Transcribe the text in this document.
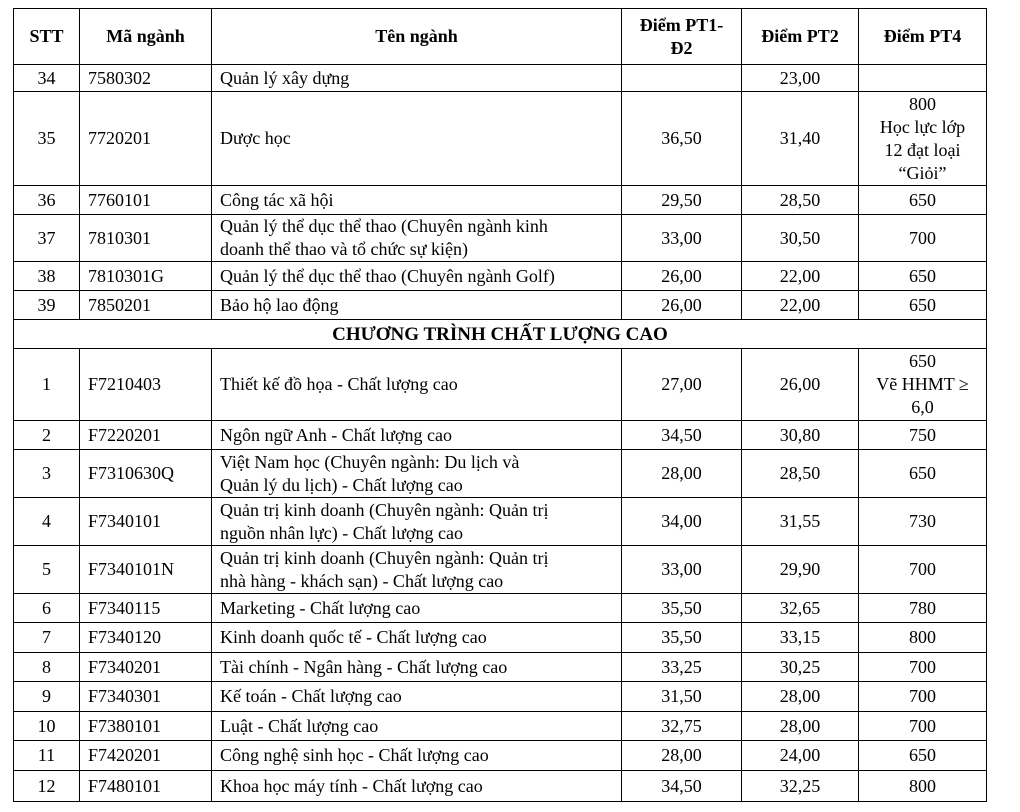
STT	Mã ngành	Tên ngành	Điểm PT1-
Đ2	Điểm PT2	Điểm PT4
34	7580302	Quản lý xây dựng		23,00	
35	7720201	Dược học	36,50	31,40	800
Học lực lớp
12 đạt loại
“Giỏi”
36	7760101	Công tác xã hội	29,50	28,50	650
37	7810301	Quản lý thể dục thể thao (Chuyên ngành kinh
doanh thể thao và tổ chức sự kiện)	33,00	30,50	700
38	7810301G	Quản lý thể dục thể thao (Chuyên ngành Golf)	26,00	22,00	650
39	7850201	Bảo hộ lao động	26,00	22,00	650
CHƯƠNG TRÌNH CHẤT LƯỢNG CAO					
1	F7210403	Thiết kế đồ họa - Chất lượng cao	27,00	26,00	650
Vẽ HHMT ≥
6,0
2	F7220201	Ngôn ngữ Anh - Chất lượng cao	34,50	30,80	750
3	F7310630Q	Việt Nam học (Chuyên ngành: Du lịch và
Quản lý du lịch) - Chất lượng cao	28,00	28,50	650
4	F7340101	Quản trị kinh doanh (Chuyên ngành: Quản trị
nguồn nhân lực) - Chất lượng cao	34,00	31,55	730
5	F7340101N	Quản trị kinh doanh (Chuyên ngành: Quản trị
nhà hàng - khách sạn) - Chất lượng cao	33,00	29,90	700
6	F7340115	Marketing - Chất lượng cao	35,50	32,65	780
7	F7340120	Kinh doanh quốc tế - Chất lượng cao	35,50	33,15	800
8	F7340201	Tài chính - Ngân hàng - Chất lượng cao	33,25	30,25	700
9	F7340301	Kế toán - Chất lượng cao	31,50	28,00	700
10	F7380101	Luật - Chất lượng cao	32,75	28,00	700
11	F7420201	Công nghệ sinh học - Chất lượng cao	28,00	24,00	650
12	F7480101	Khoa học máy tính - Chất lượng cao	34,50	32,25	800
